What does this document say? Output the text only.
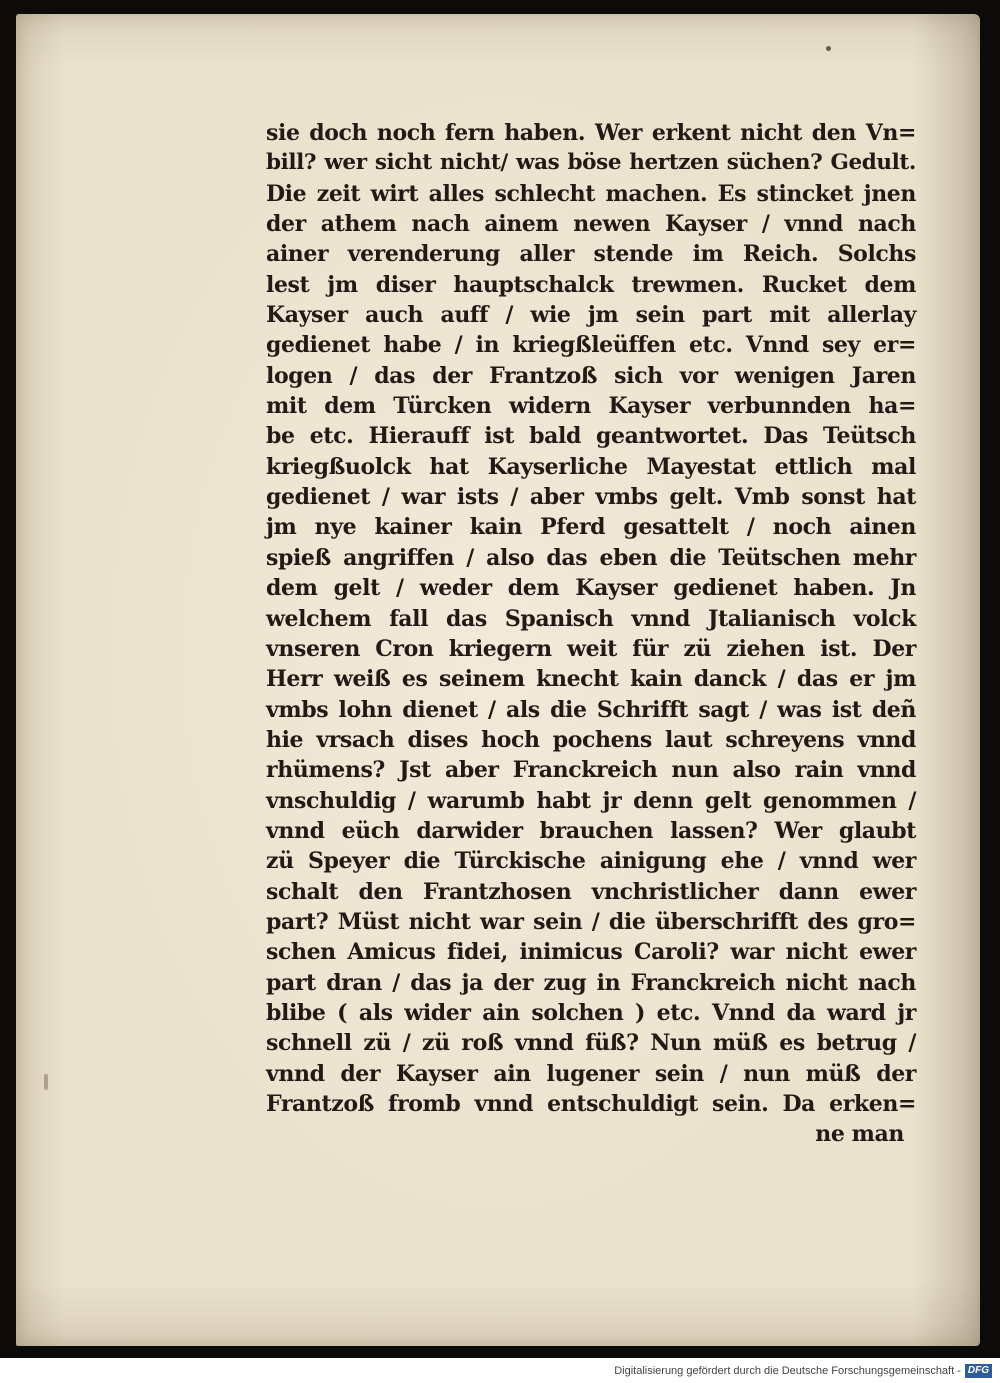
sie doch noch fern haben. Wer erkent nicht den Vn=
bill? wer sicht nicht/ was böse hertzen süchen? Gedult.
Die zeit wirt alles schlecht machen. Es stincket jnen
der athem nach ainem newen Kayser / vnnd nach
ainer verenderung aller stende im Reich. Solchs
lest jm diser hauptschalck trewmen. Rucket dem
Kayser auch auff / wie jm sein part mit allerlay
gedienet habe / in kriegßleüffen etc. Vnnd sey er=
logen / das der Frantzoß sich vor wenigen Jaren
mit dem Türcken widern Kayser verbunnden ha=
be etc. Hierauff ist bald geantwortet. Das Teütsch
kriegßuolck hat Kayserliche Mayestat ettlich mal
gedienet / war ists / aber vmbs gelt. Vmb sonst hat
jm nye kainer kain Pferd gesattelt / noch ainen
spieß angriffen / also das eben die Teütschen mehr
dem gelt / weder dem Kayser gedienet haben. Jn
welchem fall das Spanisch vnnd Jtalianisch volck
vnseren Cron kriegern weit für zü ziehen ist. Der
Herr weiß es seinem knecht kain danck / das er jm
vmbs lohn dienet / als die Schrifft sagt / was ist deñ
hie vrsach dises hoch pochens laut schreyens vnnd
rhümens? Jst aber Franckreich nun also rain vnnd
vnschuldig / warumb habt jr denn gelt genommen /
vnnd eüch darwider brauchen lassen? Wer glaubt
zü Speyer die Türckische ainigung ehe / vnnd wer
schalt den Frantzhosen vnchristlicher dann ewer
part? Müst nicht war sein / die überschrifft des gro=
schen Amicus fidei, inimicus Caroli? war nicht ewer
part dran / das ja der zug in Franckreich nicht nach
blibe ( als wider ain solchen ) etc. Vnnd da ward jr
schnell zü / zü roß vnnd füß? Nun müß es betrug /
vnnd der Kayser ain lugener sein / nun müß der
Frantzoß fromb vnnd entschuldigt sein. Da erken=
ne man
Digitalisierung gefördert durch die Deutsche Forschungsgemeinschaft - DFG
